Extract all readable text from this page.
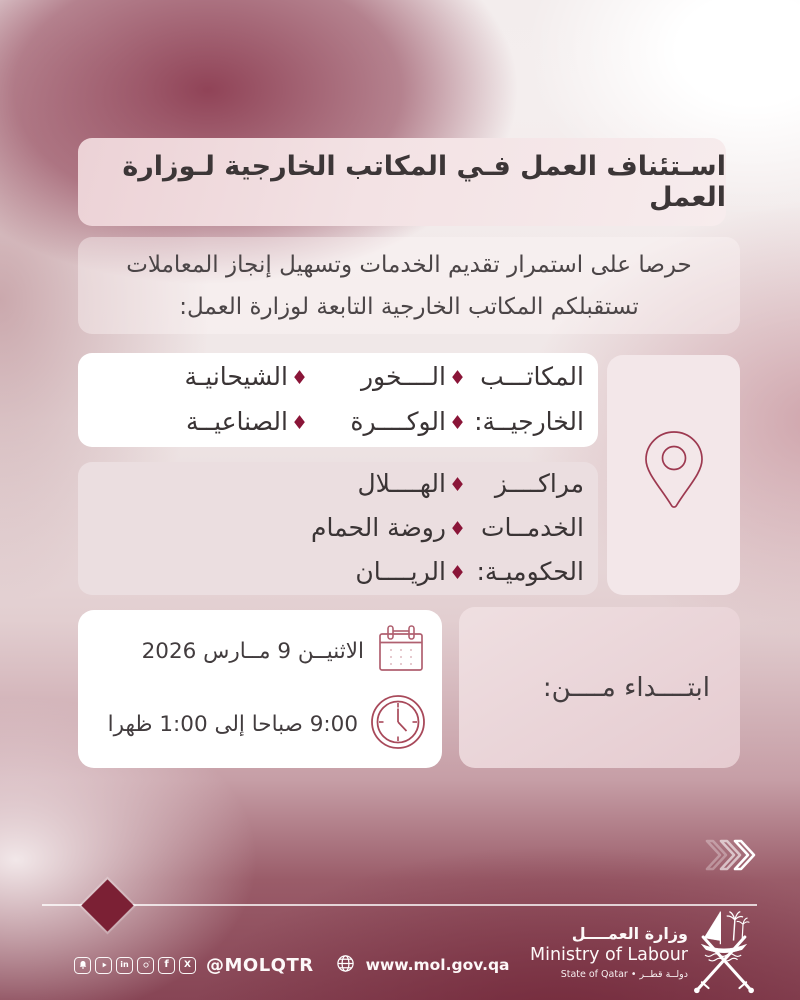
اسـتئناف العمل فـي المكاتب الخارجية لـوزارة العمل

حرصا على استمرار تقديم الخدمات وتسهيل إنجاز المعاملات

تستقبلكم المكاتب الخارجية التابعة لوزارة العمل:

المكاتـــب
♦ الــــخور
♦ الشيحانيـة
الخارجيــة:
♦ الوكــــرة
♦ الصناعيــة
مراكــــز
♦ الهــــلال
الخدمــات
♦ روضة الحمام
الحكوميـة:
♦ الريــــان
الاثنيــن 9 مــارس 2026
9:00 صباحا إلى 1:00 ظهرا

ابتــــداء مــــن:

in
f
X
@MOLQTR	www.mol.gov.qa

وزارة العمــــل

Ministry of Labour

State of Qatar • دولــة قطــر
